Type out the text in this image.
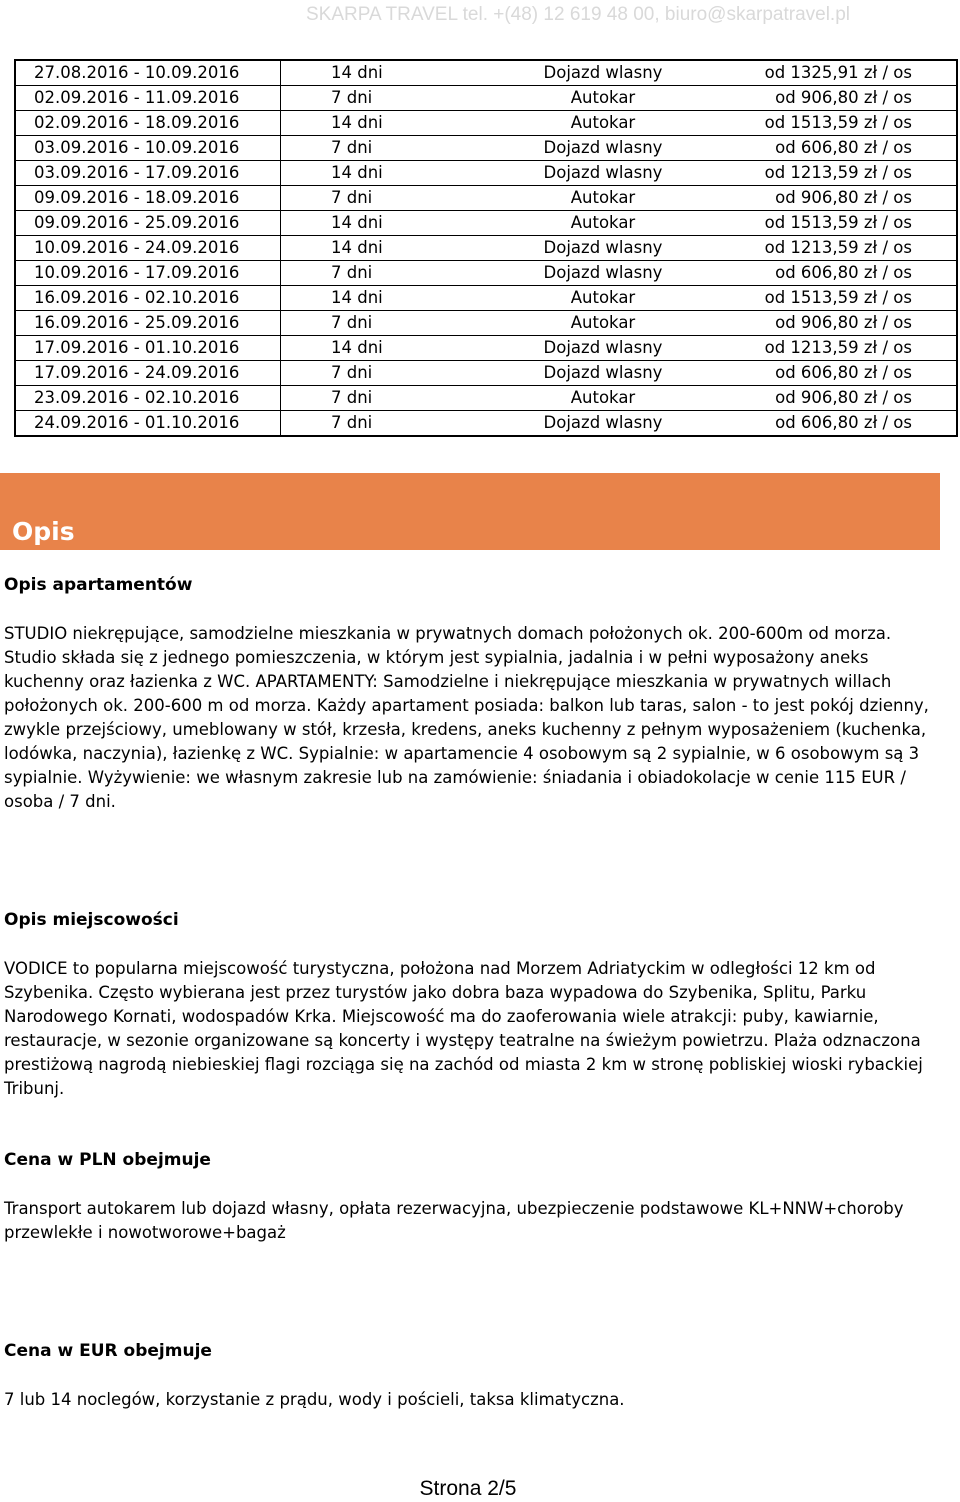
SKARPA TRAVEL tel. +(48) 12 619 48 00, biuro@skarpatravel.pl
27.08.2016 - 10.09.2016	14 dni	Dojazd wlasny	od 1325,91 zł / os
02.09.2016 - 11.09.2016	7 dni	Autokar	od 906,80 zł / os
02.09.2016 - 18.09.2016	14 dni	Autokar	od 1513,59 zł / os
03.09.2016 - 10.09.2016	7 dni	Dojazd wlasny	od 606,80 zł / os
03.09.2016 - 17.09.2016	14 dni	Dojazd wlasny	od 1213,59 zł / os
09.09.2016 - 18.09.2016	7 dni	Autokar	od 906,80 zł / os
09.09.2016 - 25.09.2016	14 dni	Autokar	od 1513,59 zł / os
10.09.2016 - 24.09.2016	14 dni	Dojazd wlasny	od 1213,59 zł / os
10.09.2016 - 17.09.2016	7 dni	Dojazd wlasny	od 606,80 zł / os
16.09.2016 - 02.10.2016	14 dni	Autokar	od 1513,59 zł / os
16.09.2016 - 25.09.2016	7 dni	Autokar	od 906,80 zł / os
17.09.2016 - 01.10.2016	14 dni	Dojazd wlasny	od 1213,59 zł / os
17.09.2016 - 24.09.2016	7 dni	Dojazd wlasny	od 606,80 zł / os
23.09.2016 - 02.10.2016	7 dni	Autokar	od 906,80 zł / os
24.09.2016 - 01.10.2016	7 dni	Dojazd wlasny	od 606,80 zł / os
Opis
Opis apartamentów

STUDIO niekrępujące, samodzielne mieszkania w prywatnych domach położonych ok. 200-600m od morza. Studio składa się z jednego pomieszczenia, w którym jest sypialnia, jadalnia i w pełni wyposażony aneks kuchenny oraz łazienka z WC. APARTAMENTY: Samodzielne i niekrępujące mieszkania w prywatnych willach położonych ok. 200-600 m od morza. Każdy apartament posiada: balkon lub taras, salon - to jest pokój dzienny, zwykle przejściowy, umeblowany w stół, krzesła, kredens, aneks kuchenny z pełnym wyposażeniem (kuchenka, lodówka, naczynia), łazienkę z WC. Sypialnie: w apartamencie 4 osobowym są 2 sypialnie, w 6 osobowym są 3 sypialnie. Wyżywienie: we własnym zakresie lub na zamówienie: śniadania i obiadokolacje w cenie 115 EUR / osoba / 7 dni.

Opis miejscowości

VODICE to popularna miejscowość turystyczna, położona nad Morzem Adriatyckim w odległości 12 km od Szybenika. Często wybierana jest przez turystów jako dobra baza wypadowa do Szybenika, Splitu, Parku Narodowego Kornati, wodospadów Krka. Miejscowość ma do zaoferowania wiele atrakcji: puby, kawiarnie, restauracje, w sezonie organizowane są koncerty i występy teatralne na świeżym powietrzu. Plaża odznaczona prestiżową nagrodą niebieskiej flagi rozciąga się na zachód od miasta 2 km w stronę pobliskiej wioski rybackiej Tribunj.

Cena w PLN obejmuje

Transport autokarem lub dojazd własny, opłata rezerwacyjna, ubezpieczenie podstawowe KL+NNW+choroby przewlekłe i nowotworowe+bagaż

Cena w EUR obejmuje

7 lub 14 noclegów, korzystanie z prądu, wody i pościeli, taksa klimatyczna.

Strona 2/5
